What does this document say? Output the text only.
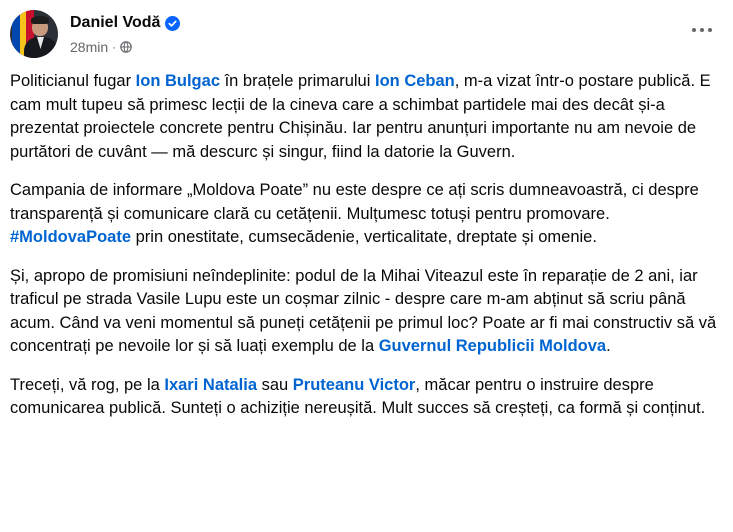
Daniel Vodă
28min ·

Politicianul fugar Ion Bulgac în brațele primarului Ion Ceban, m-a vizat într-o postare publică. E cam mult tupeu să primesc lecții de la cineva care a schimbat partidele mai des decât și-a prezentat proiectele concrete pentru Chișinău. Iar pentru anunțuri importante nu am nevoie de purtători de cuvânt — mă descurc și singur, fiind la datorie la Guvern.

Campania de informare „Moldova Poate” nu este despre ce ați scris dumneavoastră, ci despre transparență și comunicare clară cu cetățenii. Mulțumesc totuși pentru promovare. #MoldovaPoate prin onestitate, cumsecădenie, verticalitate, dreptate și omenie.

Și, apropo de promisiuni neîndeplinite: podul de la Mihai Viteazul este în reparație de 2 ani, iar traficul pe strada Vasile Lupu este un coșmar zilnic - despre care m-am abținut să scriu până acum. Când va veni momentul să puneți cetățenii pe primul loc? Poate ar fi mai constructiv să vă concentrați pe nevoile lor și să luați exemplu de la Guvernul Republicii Moldova.

Treceți, vă rog, pe la Ixari Natalia sau Pruteanu Victor, măcar pentru o instruire despre comunicarea publică. Sunteți o achiziție nereușită. Mult succes să creșteți, ca formă și conținut.
